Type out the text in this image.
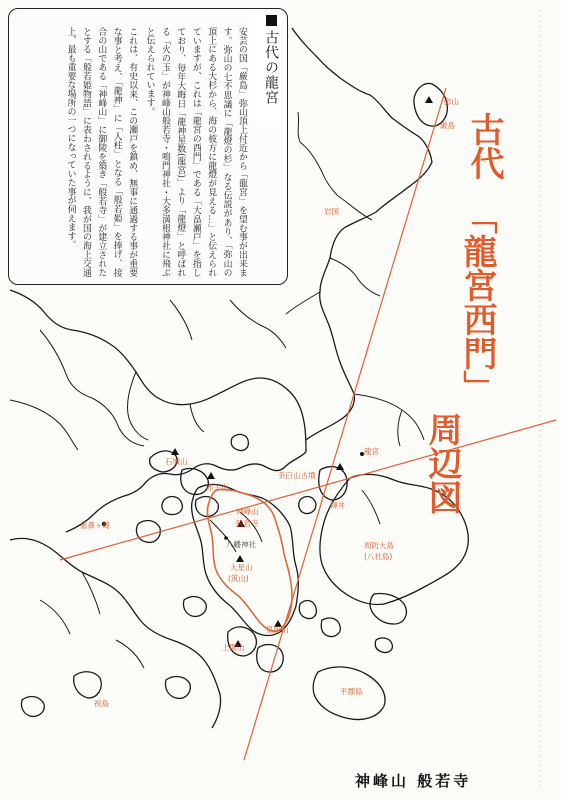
弥山
厳島
岩国
龍宮
石城山
茶臼山古墳
赤子山
柳井
神峰山
般若寺
象鼻ヶ崎
八幡神社
大星山
(筑山)
周防大島
(八社島)
皇座山
上関山
祝島
平郡島
古代の龍宮

安芸の国「厳島」弥山頂上付近から「龍宮」を望む事が出来ます。弥山の七不思議に「龍燈の杉」なる伝説があり、「弥山の頂上にある大杉から、海の彼方に龍燈が見える…」と伝えられていますが、これは「龍宮の西門」である「大畠瀬戸」を指しており、毎年大晦日「龍神星数(龍宮)」より「龍燈」と呼ばれる「火の玉」が神峰山般若寺・鳴門神社・大多満根神社に飛ぶと伝えられています。

これは、有史以来、この瀬戸を鎮め、無事に通過する事が重要な事と考え、「龍神」に「人柱」となる「般若姫」を捧げ、接合の山である「神峰山」に御陵を築き「般若寺」が建立されたとする「般若姫物語」に表わされるように、我が国の海上交通上、最も重要な場所の一つになっていた事が伺えます。	古代
「龍宮西門」
周辺図
神峰山 般若寺
